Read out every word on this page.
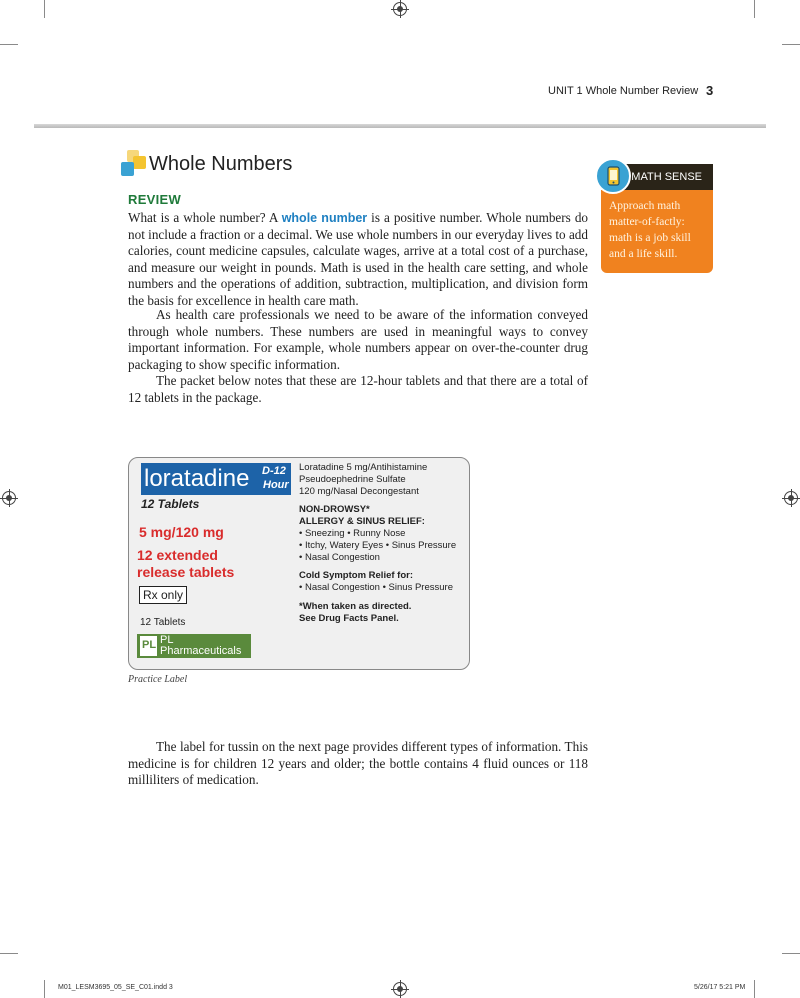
UNIT 1 Whole Number Review 3
Whole Numbers
REVIEW

What is a whole number? A whole number is a positive number. Whole numbers do not include a fraction or a decimal. We use whole numbers in our everyday lives to add calories, count medicine capsules, calculate wages, arrive at a total cost of a purchase, and measure our weight in pounds. Math is used in the health care setting, and whole numbers and the operations of addition, subtraction, multiplication, and division form the basis for excellence in health care math.

As health care professionals we need to be aware of the information conveyed through whole numbers. These numbers are used in meaningful ways to convey important information. For example, whole numbers appear on over-the-counter drug packaging to show specific information.
The packet below notes that these are 12-hour tablets and that there are a total of 12 tablets in the package.
Approach math matter-of-factly: math is a job skill and a life skill.
MATH SENSE
loratadine D-12
Hour
12 Tablets
5 mg/120 mg
12 extended
release tablets
Rx only
12 Tablets
PL PL
Pharmaceuticals
Loratadine 5 mg/Antihistamine
Pseudoephedrine Sulfate
120 mg/Nasal Decongestant
NON-DROWSY*
ALLERGY & SINUS RELIEF:
• Sneezing • Runny Nose
• Itchy, Watery Eyes • Sinus Pressure
• Nasal Congestion
Cold Symptom Relief for:
• Nasal Congestion • Sinus Pressure
*When taken as directed.
See Drug Facts Panel.
Practice Label
The label for tussin on the next page provides different types of information. This medicine is for children 12 years and older; the bottle contains 4 fluid ounces or 118 milliliters of medication.
M01_LESM3695_05_SE_C01.indd 3	5/26/17 5:21 PM
